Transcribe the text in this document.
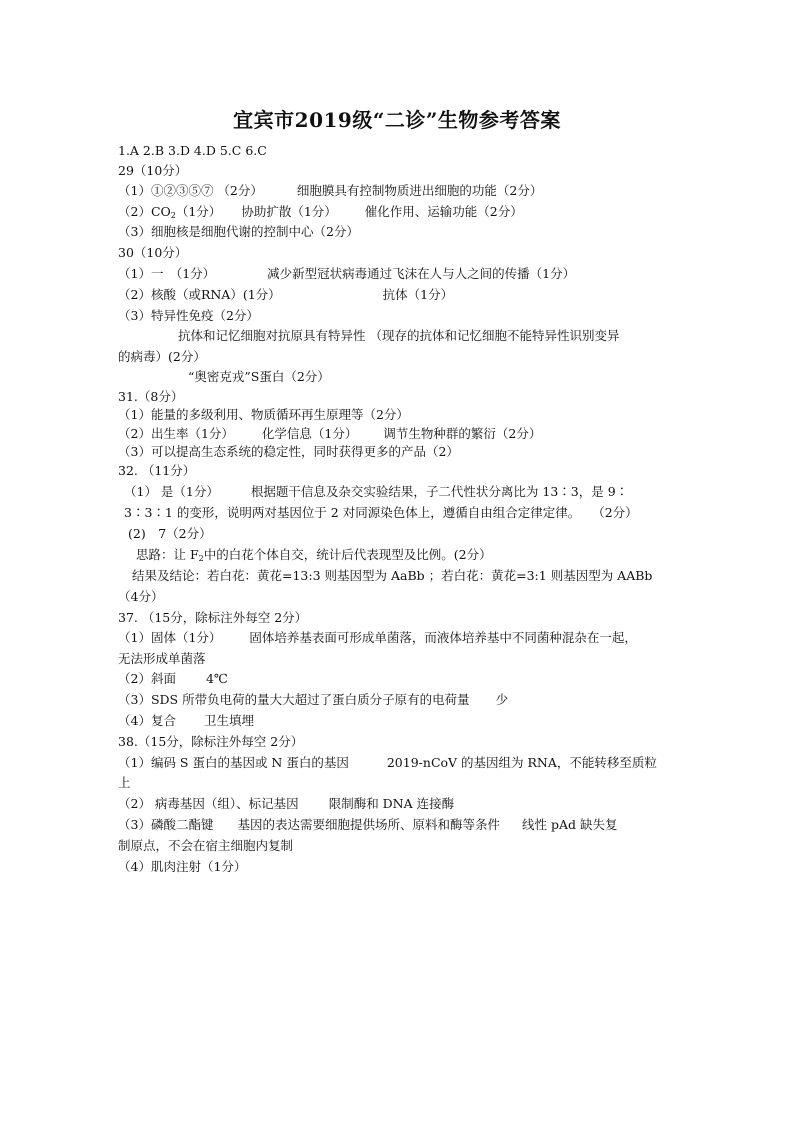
宜宾市2019级“二诊”生物参考答案
1.A 2.B 3.D 4.D 5.C 6.C
29（10分）
（1）①②③⑤⑦ （2分）	细胞膜具有控制物质进出细胞的功能（2分）
$(2)CO_2(1$分） 协助扩散（1分） 催化作用、运输功能（2分）
（3）细胞核是细胞代谢的控制中心（2分）
30（10分）
（1）一　（1分）	减少新型冠状病毒通过飞沫在人与人之间的传播（1分）
（2）核酸（或RNA）(1分）	抗体（1分）
（3）特异性免疫（2分）
抗体和记忆细胞对抗原具有特异性 （现存的抗体和记忆细胞不能特异性识别变异
的病毒）(2分）
“奥密克戎”S蛋白（2分）
31.（8分）
（1）能量的多级利用、物质循环再生原理等（2分）
（2）出生率（1分） 化学信息（1分） 调节生物种群的繁衍（2分）
（3）可以提高生态系统的稳定性，同时获得更多的产品（2）
32. （11分）
（1） 是（1分）	根据题干信息及杂交实验结果，子二代性状分离比为 13∶3，是 9∶
3∶3∶1 的变形，说明两对基因位于 2 对同源染色体上，遵循自由组合定律定律。 （2分）
(2)　7（2分）
思路：让 $F_2$中的白花个体自交，统计后代表现型及比例。(2分）
结果及结论：若白花：黄花=13:3 则基因型为 AaBb ；若白花：黄花=3:1 则基因型为 AABb
（4分）
37. （15分，除标注外每空 2分）
（1）固体（1分） 固体培养基表面可形成单菌落，而液体培养基中不同菌种混杂在一起，
无法形成单菌落
（2）斜面 4℃
（3）SDS 所带负电荷的量大大超过了蛋白质分子原有的电荷量 少
（4）复合 卫生填埋
38.（15分，除标注外每空 2分）
（1）编码 S 蛋白的基因或 N 蛋白的基因	2019-nCoV 的基因组为 RNA，不能转移至质粒
上
（2） 病毒基因（组）、标记基因 限制酶和 DNA 连接酶
（3）磷酸二酯键 基因的表达需要细胞提供场所、原料和酶等条件 线性 pAd 缺失复
制原点，不会在宿主细胞内复制
（4）肌肉注射（1分）
